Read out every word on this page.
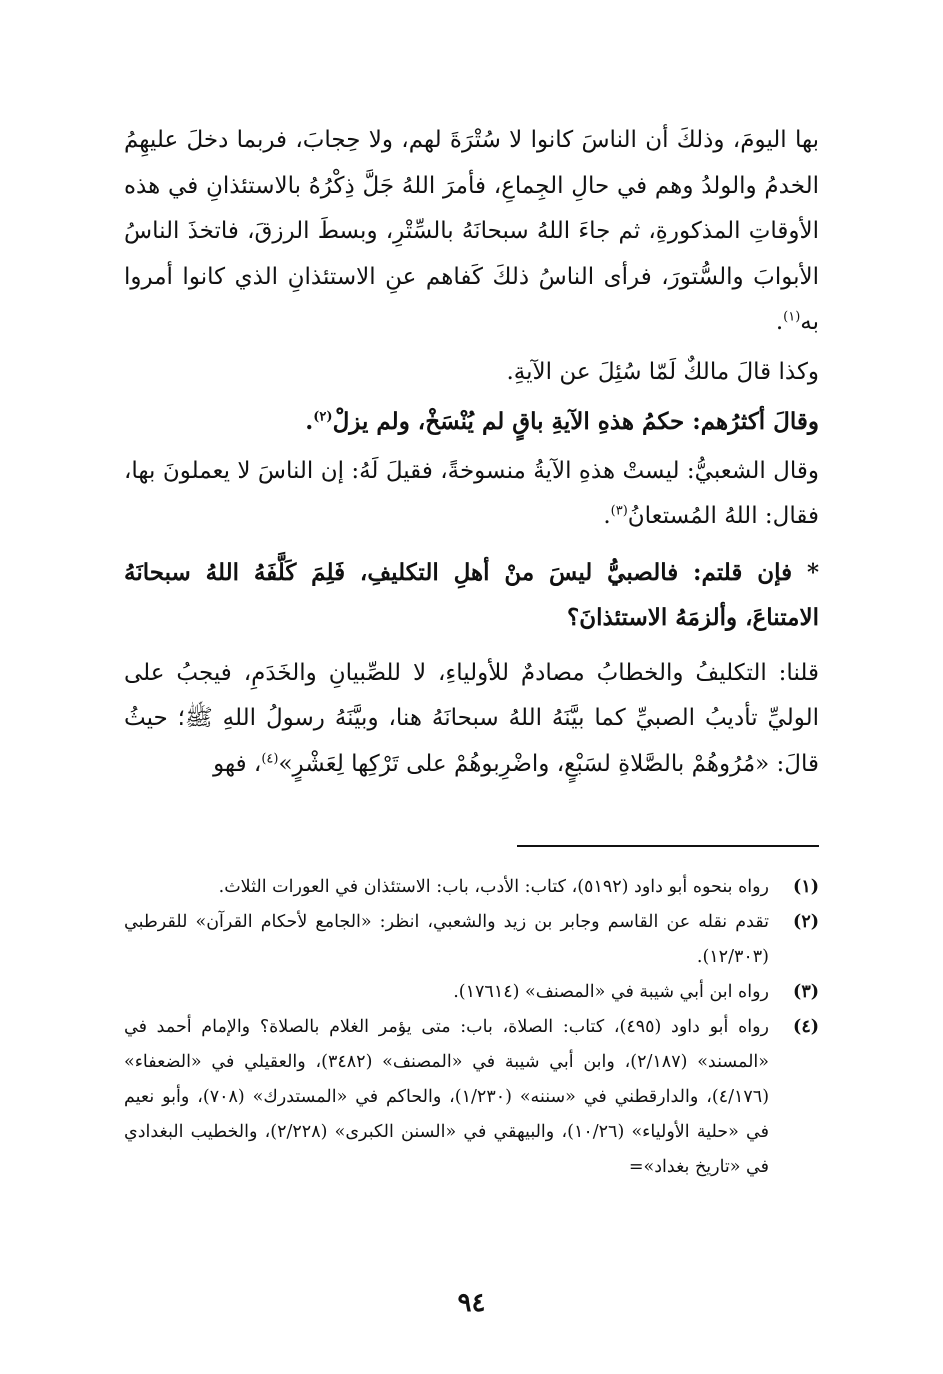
بها اليومَ، وذلكَ أن الناسَ كانوا لا سُتْرَةَ لهم، ولا حِجابَ، فربما دخلَ عليهِمُ الخدمُ والولدُ وهم في حالِ الجِماعِ، فأمرَ اللهُ جَلَّ ذِكْرُهُ بالاستئذانِ في هذه الأوقاتِ المذكورةِ، ثم جاءَ اللهُ سبحانَهُ بالسِّتْرِ، وبسطَ الرزقَ، فاتخذَ الناسُ الأبوابَ والسُّتورَ، فرأى الناسُ ذلكَ كَفاهم عنِ الاستئذانِ الذي كانوا أمروا به$^{(١)}$.

وكذا قالَ مالكٌ لَمّا سُئِلَ عن الآيةِ.

وقالَ أكثرُهم: حكمُ هذهِ الآيةِ باقٍ لم يُنْسَخْ، ولم يزلْ$^{(٢)}$.

وقال الشعبيُّ: ليستْ هذهِ الآيةُ منسوخةً، فقيلَ لَهُ: إن الناسَ لا يعملونَ بها، فقال: اللهُ المُستعانُ$^{(٣)}$.

* فإن قلتم: فالصبيُّ ليسَ منْ أهلِ التكليفِ، فَلِمَ كَلَّفَهُ اللهُ سبحانَهُ الامتناعَ، وألزمَهُ الاستئذانَ؟

قلنا: التكليفُ والخطابُ مصادمٌ للأولياءِ، لا للصِّبيانِ والخَدَمِ، فيجبُ على الوليِّ تأديبُ الصبيِّ كما بيَّنَهُ اللهُ سبحانَهُ هنا، وبيَّنَهُ رسولُ اللهِ ﷺ؛ حيثُ قالَ: «مُرُوهُمْ بالصَّلاةِ لسَبْعٍ، واضْرِبوهُمْ على تَرْكِها لِعَشْرٍ»$^{(٤)}$، فهو

(١)
رواه بنحوه أبو داود (٥١٩٢)، كتاب: الأدب، باب: الاستئذان في العورات الثلاث.
(٢)
تقدم نقله عن القاسم وجابر بن زيد والشعبي، انظر: «الجامع لأحكام القرآن» للقرطبي (١٢/٣٠٣).
(٣)
رواه ابن أبي شيبة في «المصنف» (١٧٦١٤).
(٤)
رواه أبو داود (٤٩٥)، كتاب: الصلاة، باب: متى يؤمر الغلام بالصلاة؟ والإمام أحمد في «المسند» (٢/١٨٧)، وابن أبي شيبة في «المصنف» (٣٤٨٢)، والعقيلي في «الضعفاء» (٤/١٧٦)، والدارقطني في «سننه» (١/٢٣٠)، والحاكم في «المستدرك» (٧٠٨)، وأبو نعيم في «حلية الأولياء» (١٠/٢٦)، والبيهقي في «السنن الكبرى» (٢/٢٢٨)، والخطيب البغدادي في «تاريخ بغداد»=
٩٤
